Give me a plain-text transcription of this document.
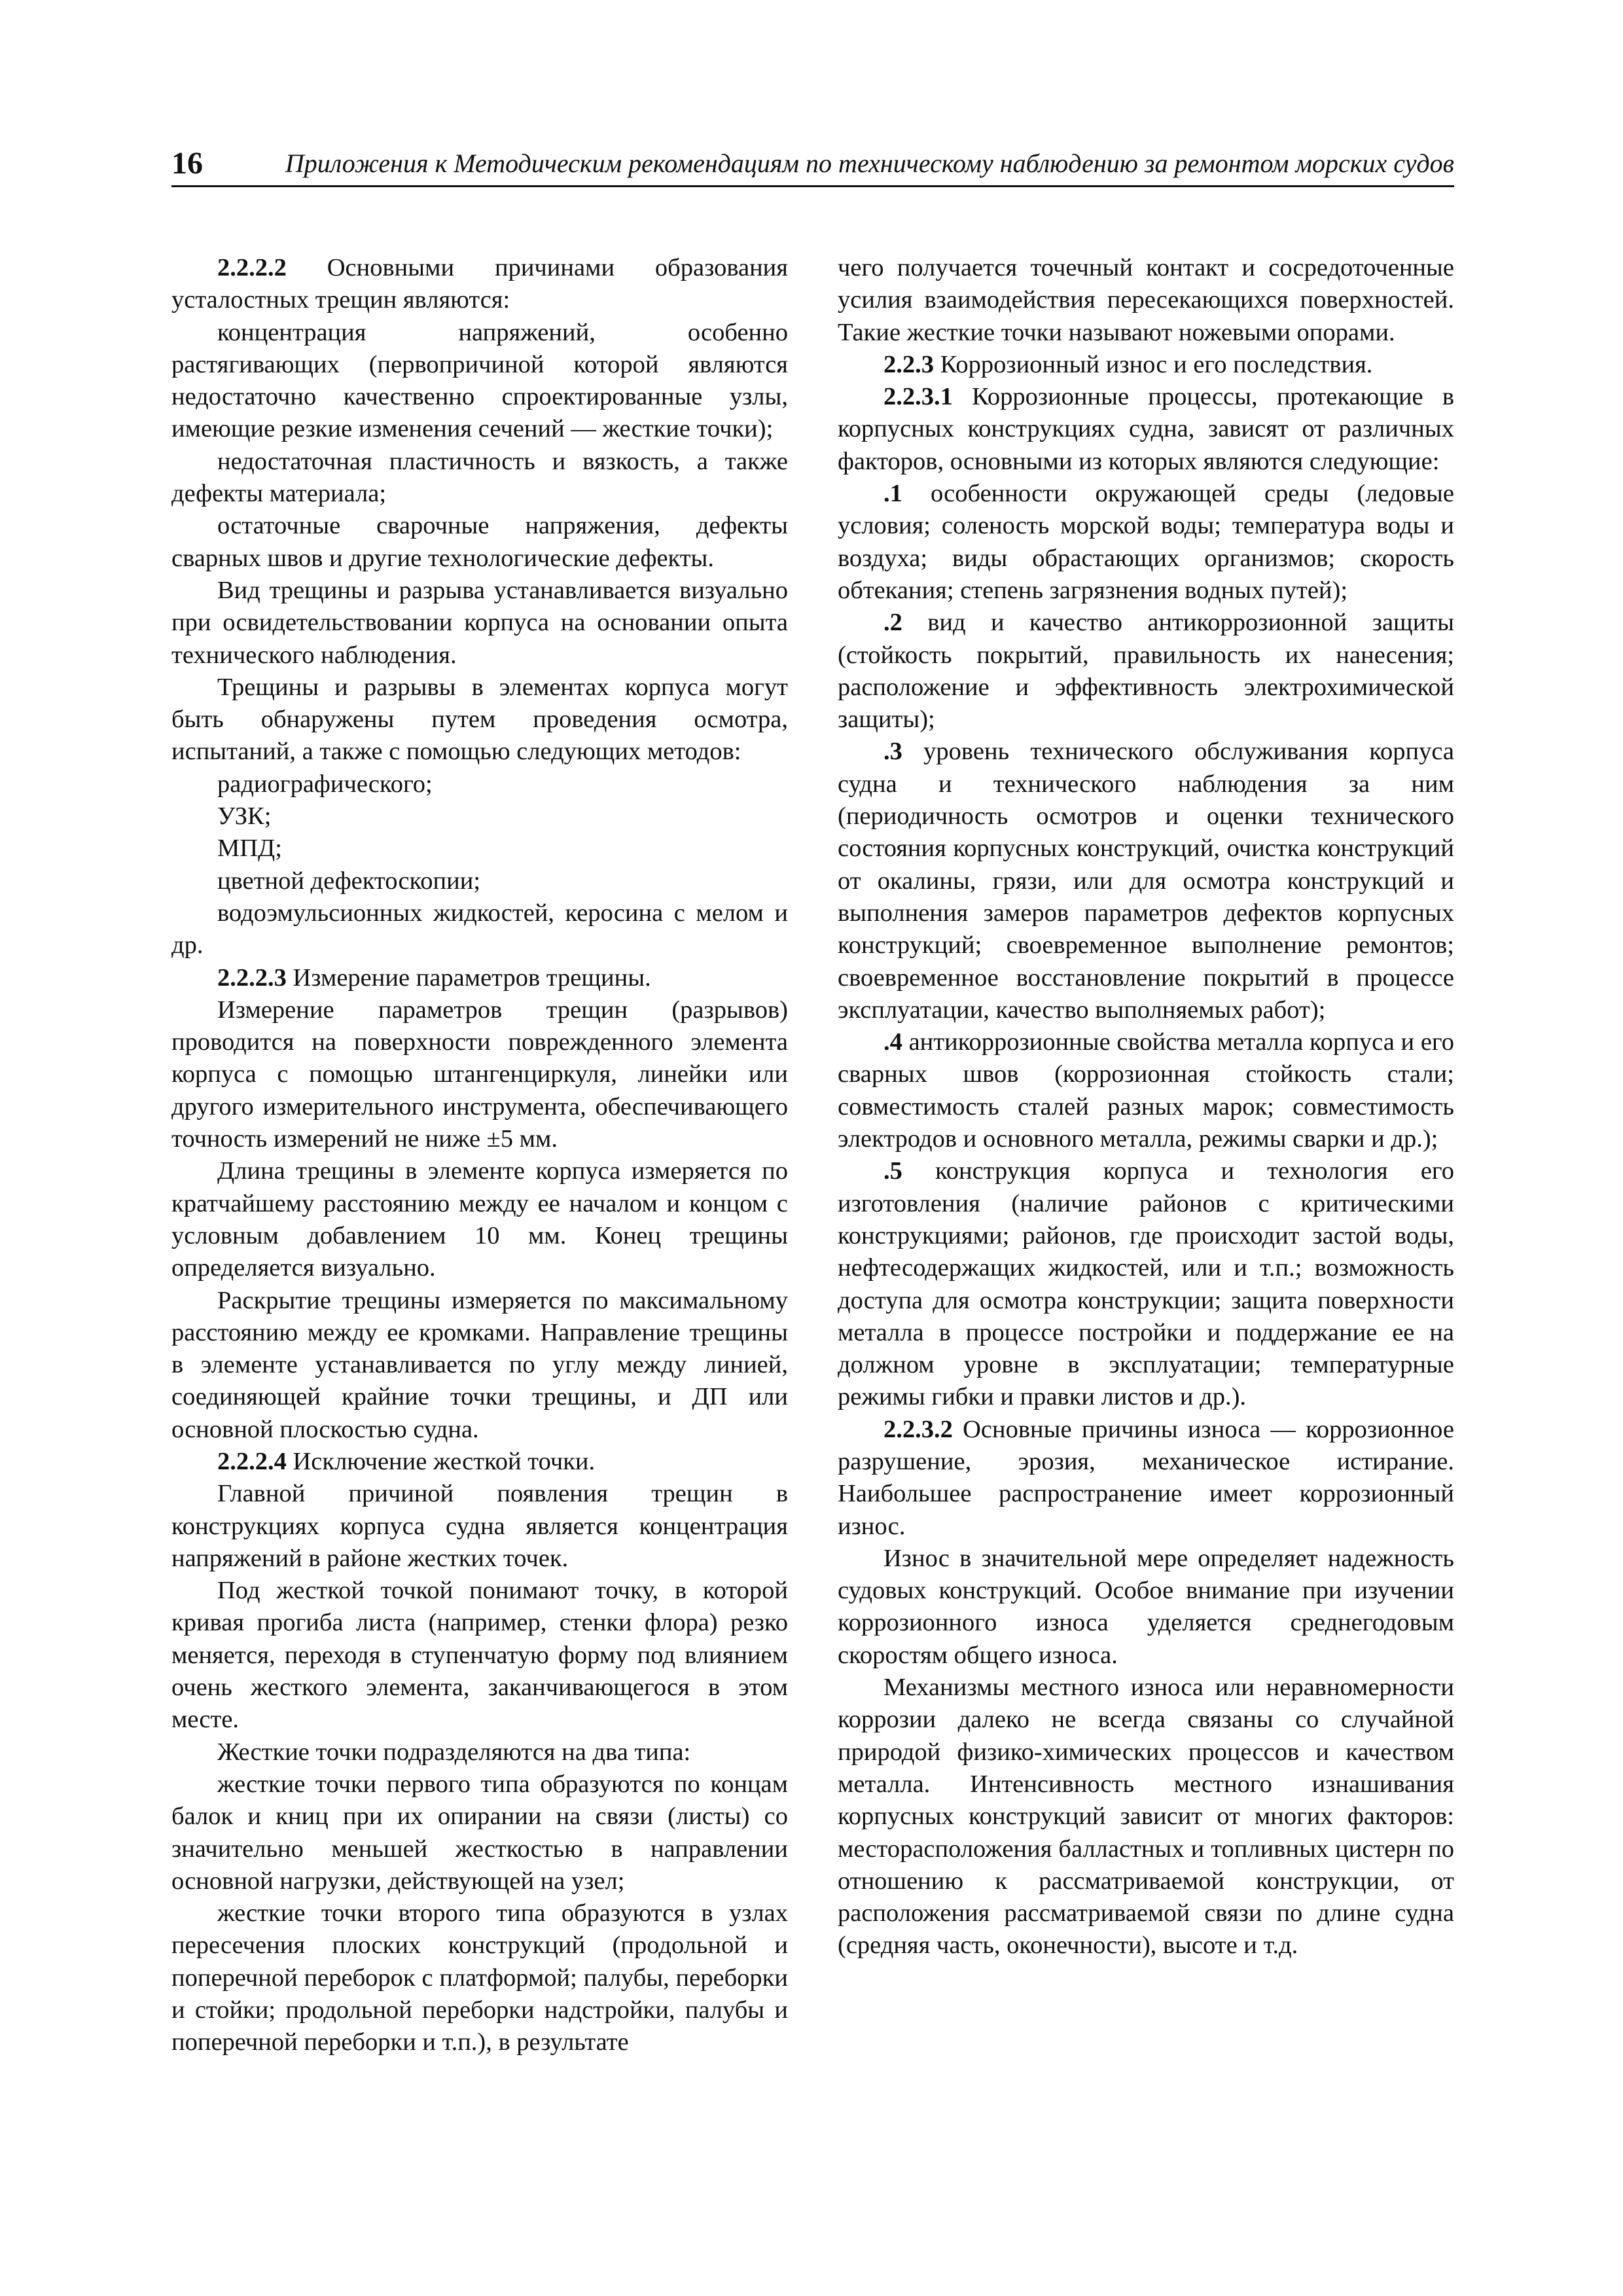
16	Приложения к Методическим рекомендациям по техническому наблюдению за ремонтом морских судов

2.2.2.2 Основными причинами образования усталостных трещин являются:

концентрация напряжений, особенно растягивающих (первопричиной которой являются недостаточно качественно спроектированные узлы, имеющие резкие изменения сечений — жесткие точки);

недостаточная пластичность и вязкость, а также дефекты материала;

остаточные сварочные напряжения, дефекты сварных швов и другие технологические дефекты.

Вид трещины и разрыва устанавливается визуально при освидетельствовании корпуса на основании опыта технического наблюдения.

Трещины и разрывы в элементах корпуса могут быть обнаружены путем проведения осмотра, испытаний, а также с помощью следующих методов:

радиографического;

УЗК;

МПД;

цветной дефектоскопии;

водоэмульсионных жидкостей, керосина с мелом и др.

2.2.2.3 Измерение параметров трещины.

Измерение параметров трещин (разрывов) проводится на поверхности поврежденного элемента корпуса с помощью штангенциркуля, линейки или другого измерительного инструмента, обеспечивающего точность измерений не ниже ±5 мм.

Длина трещины в элементе корпуса измеряется по кратчайшему расстоянию между ее началом и концом с условным добавлением 10 мм. Конец трещины определяется визуально.

Раскрытие трещины измеряется по максимальному расстоянию между ее кромками. Направление трещины в элементе устанавливается по углу между линией, соединяющей крайние точки трещины, и ДП или основной плоскостью судна.

2.2.2.4 Исключение жесткой точки.

Главной причиной появления трещин в конструкциях корпуса судна является концентрация напряжений в районе жестких точек.

Под жесткой точкой понимают точку, в которой кривая прогиба листа (например, стенки флора) резко меняется, переходя в ступенчатую форму под влиянием очень жесткого элемента, заканчивающегося в этом месте.

Жесткие точки подразделяются на два типа:

жесткие точки первого типа образуются по концам балок и книц при их опирании на связи (листы) со значительно меньшей жесткостью в направлении основной нагрузки, действующей на узел;

жесткие точки второго типа образуются в узлах пересечения плоских конструкций (продольной и поперечной переборок с платформой; палубы, переборки и стойки; продольной переборки надстройки, палубы и поперечной переборки и т.п.), в результате

чего получается точечный контакт и сосредоточенные усилия взаимодействия пересекающихся поверхностей. Такие жесткие точки называют ножевыми опорами.

2.2.3 Коррозионный износ и его последствия.

2.2.3.1 Коррозионные процессы, протекающие в корпусных конструкциях судна, зависят от различных факторов, основными из которых являются следующие:

.1 особенности окружающей среды (ледовые условия; соленость морской воды; температура воды и воздуха; виды обрастающих организмов; скорость обтекания; степень загрязнения водных путей);

.2 вид и качество антикоррозионной защиты (стойкость покрытий, правильность их нанесения; расположение и эффективность электрохимической защиты);

.3 уровень технического обслуживания корпуса судна и технического наблюдения за ним (периодичность осмотров и оценки технического состояния корпусных конструкций, очистка конструкций от окалины, грязи, или для осмотра конструкций и выполнения замеров параметров дефектов корпусных конструкций; своевременное выполнение ремонтов; своевременное восстановление покрытий в процессе эксплуатации, качество выполняемых работ);

.4 антикоррозионные свойства металла корпуса и его сварных швов (коррозионная стойкость стали; совместимость сталей разных марок; совместимость электродов и основного металла, режимы сварки и др.);

.5 конструкция корпуса и технология его изготовления (наличие районов с критическими конструкциями; районов, где происходит застой воды, нефтесодержащих жидкостей, или и т.п.; возможность доступа для осмотра конструкции; защита поверхности металла в процессе постройки и поддержание ее на должном уровне в эксплуатации; температурные режимы гибки и правки листов и др.).

2.2.3.2 Основные причины износа — коррозионное разрушение, эрозия, механическое истирание. Наибольшее распространение имеет коррозионный износ.

Износ в значительной мере определяет надежность судовых конструкций. Особое внимание при изучении коррозионного износа уделяется среднегодовым скоростям общего износа.

Механизмы местного износа или неравномерности коррозии далеко не всегда связаны со случайной природой физико-химических процессов и качеством металла. Интенсивность местного изнашивания корпусных конструкций зависит от многих факторов: месторасположения балластных и топливных цистерн по отношению к рассматриваемой конструкции, от расположения рассматриваемой связи по длине судна (средняя часть, оконечности), высоте и т.д.
